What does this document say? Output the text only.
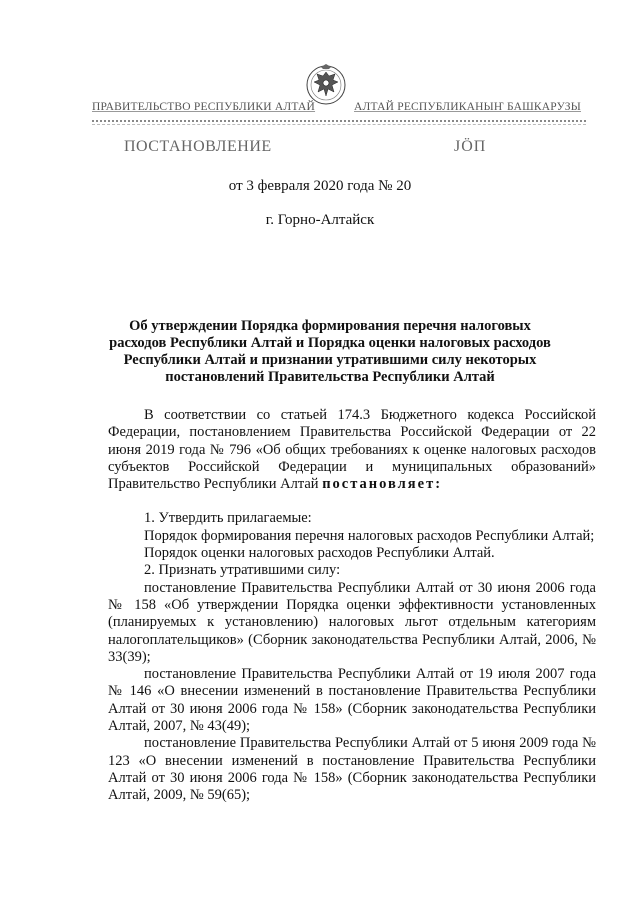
ПРАВИТЕЛЬСТВО РЕСПУБЛИКИ АЛТАЙ	АЛТАЙ РЕСПУБЛИКАНЫҤ БАШКАРУЗЫ
ПОСТАНОВЛЕНИЕ	ЈӦП
от 3 февраля 2020 года № 20
г. Горно-Алтайск
Об утверждении Порядка формирования перечня налоговых расходов Республики Алтай и Порядка оценки налоговых расходов Республики Алтай и признании утратившими силу некоторых постановлений Правительства Республики Алтай

В соответствии со статьей 174.3 Бюджетного кодекса Российской Федерации, постановлением Правительства Российской Федерации от 22 июня 2019 года № 796 «Об общих требованиях к оценке налоговых расходов субъектов Российской Федерации и муниципальных образований» Правительство Республики Алтай постановляет:

1. Утвердить прилагаемые:

Порядок формирования перечня налоговых расходов Республики Алтай;

Порядок оценки налоговых расходов Республики Алтай.

2. Признать утратившими силу:

постановление Правительства Республики Алтай от 30 июня 2006 года № 158 «Об утверждении Порядка оценки эффективности установленных (планируемых к установлению) налоговых льгот отдельным категориям налогоплательщиков» (Сборник законодательства Республики Алтай, 2006, № 33(39);

постановление Правительства Республики Алтай от 19 июля 2007 года № 146 «О внесении изменений в постановление Правительства Республики Алтай от 30 июня 2006 года № 158» (Сборник законодательства Республики Алтай, 2007, № 43(49);

постановление Правительства Республики Алтай от 5 июня 2009 года № 123 «О внесении изменений в постановление Правительства Республики Алтай от 30 июня 2006 года № 158» (Сборник законодательства Республики Алтай, 2009, № 59(65);
